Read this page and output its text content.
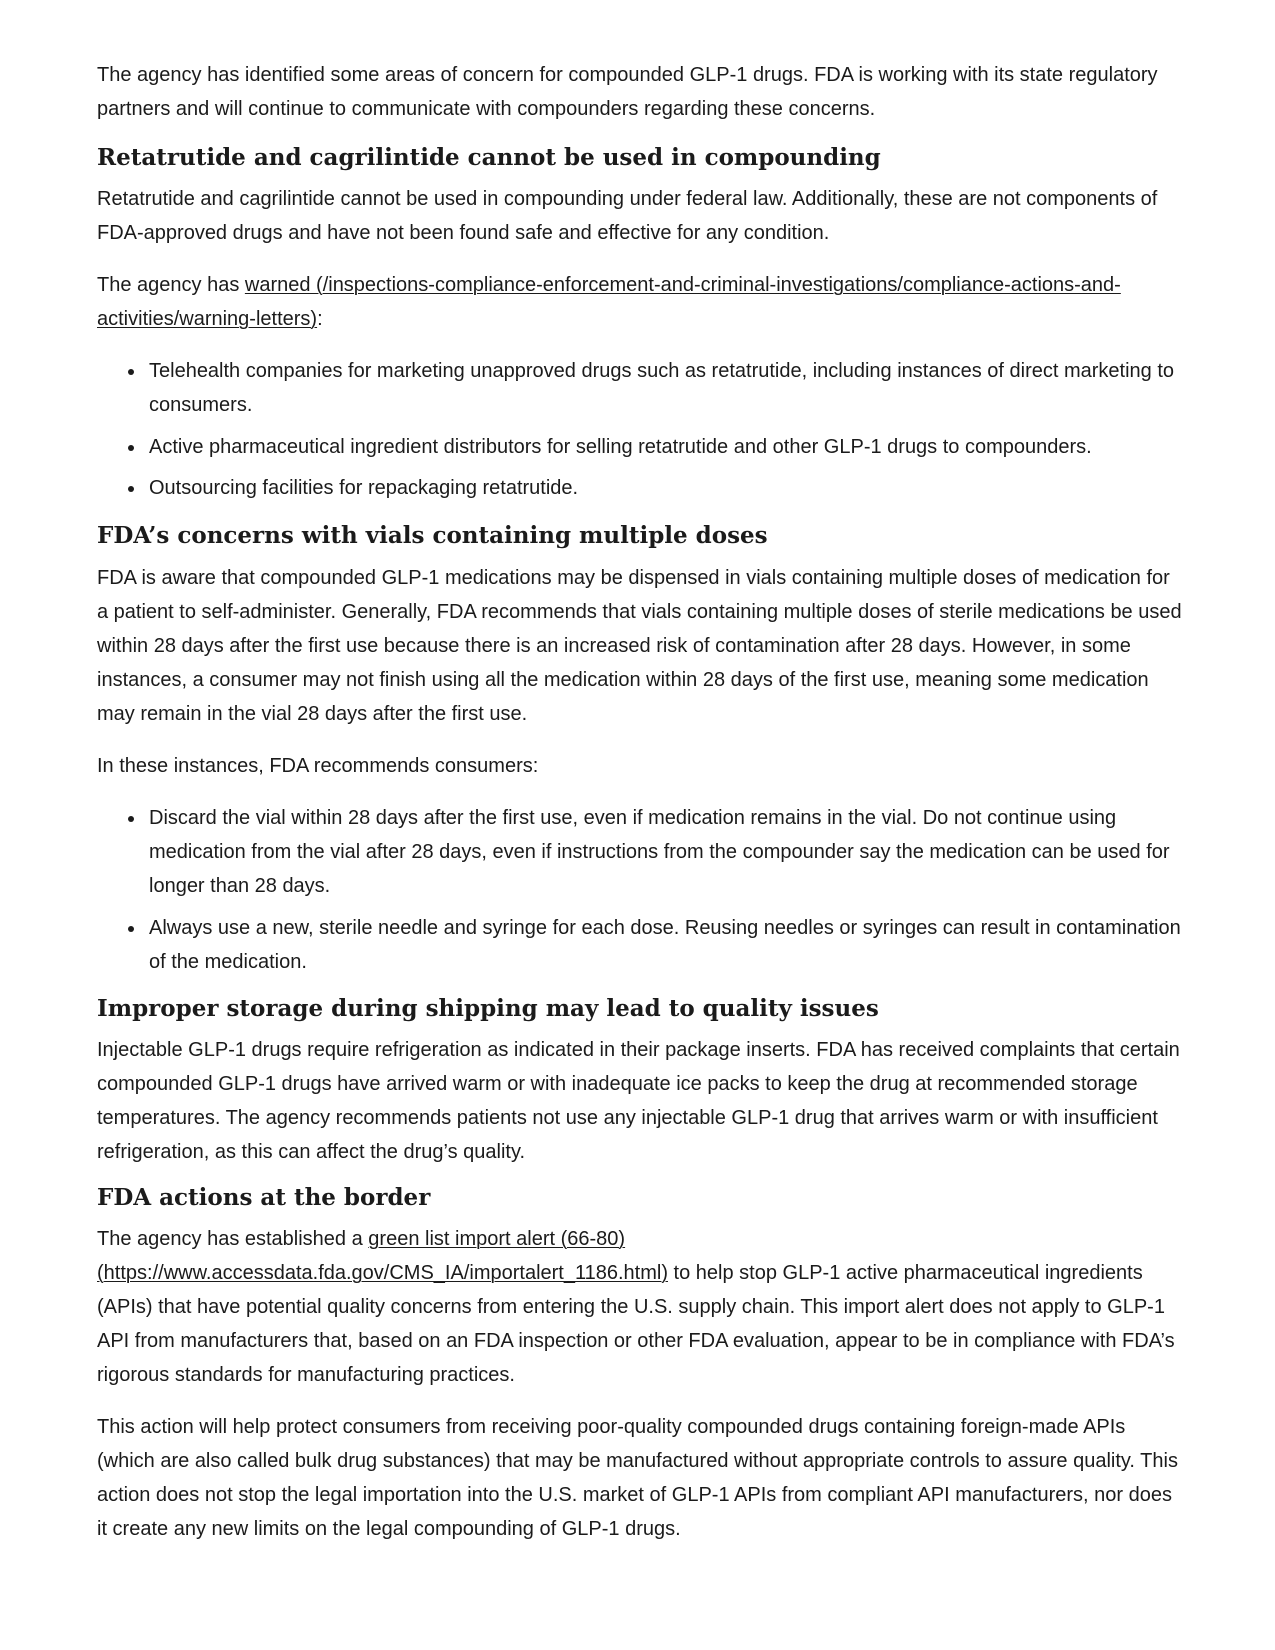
The agency has identified some areas of concern for compounded GLP-1 drugs. FDA is working with its state regulatory partners and will continue to communicate with compounders regarding these concerns.

Retatrutide and cagrilintide cannot be used in compounding

Retatrutide and cagrilintide cannot be used in compounding under federal law. Additionally, these are not components of FDA-approved drugs and have not been found safe and effective for any condition.

The agency has warned (/inspections-compliance-enforcement-and-criminal-investigations/compliance-actions-and-activities/warning-letters):

Telehealth companies for marketing unapproved drugs such as retatrutide, including instances of direct marketing to consumers.
Active pharmaceutical ingredient distributors for selling retatrutide and other GLP-1 drugs to compounders.
Outsourcing facilities for repackaging retatrutide.
FDA’s concerns with vials containing multiple doses

FDA is aware that compounded GLP-1 medications may be dispensed in vials containing multiple doses of medication for a patient to self-administer. Generally, FDA recommends that vials containing multiple doses of sterile medications be used within 28 days after the first use because there is an increased risk of contamination after 28 days. However, in some instances, a consumer may not finish using all the medication within 28 days of the first use, meaning some medication may remain in the vial 28 days after the first use.

In these instances, FDA recommends consumers:

Discard the vial within 28 days after the first use, even if medication remains in the vial. Do not continue using medication from the vial after 28 days, even if instructions from the compounder say the medication can be used for longer than 28 days.
Always use a new, sterile needle and syringe for each dose. Reusing needles or syringes can result in contamination of the medication.
Improper storage during shipping may lead to quality issues

Injectable GLP-1 drugs require refrigeration as indicated in their package inserts. FDA has received complaints that certain compounded GLP-1 drugs have arrived warm or with inadequate ice packs to keep the drug at recommended storage temperatures. The agency recommends patients not use any injectable GLP-1 drug that arrives warm or with insufficient refrigeration, as this can affect the drug’s quality.

FDA actions at the border

The agency has established a green list import alert (66-80) (https://www.accessdata.fda.gov/CMS_IA/importalert_1186.html) to help stop GLP-1 active pharmaceutical ingredients (APIs) that have potential quality concerns from entering the U.S. supply chain. This import alert does not apply to GLP-1 API from manufacturers that, based on an FDA inspection or other FDA evaluation, appear to be in compliance with FDA’s rigorous standards for manufacturing practices.

This action will help protect consumers from receiving poor-quality compounded drugs containing foreign-made APIs (which are also called bulk drug substances) that may be manufactured without appropriate controls to assure quality. This action does not stop the legal importation into the U.S. market of GLP-1 APIs from compliant API manufacturers, nor does it create any new limits on the legal compounding of GLP-1 drugs.
